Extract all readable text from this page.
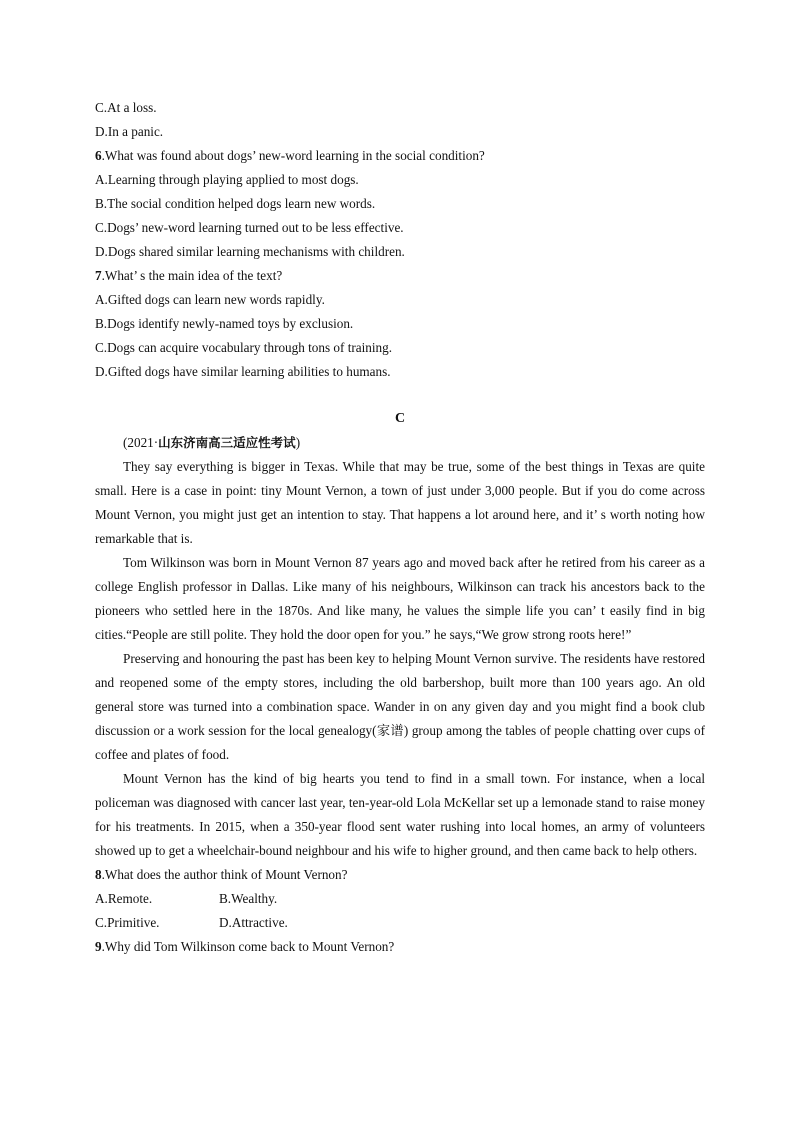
C.At a loss.
D.In a panic.
6.What was found about dogs’ new-word learning in the social condition?
A.Learning through playing applied to most dogs.
B.The social condition helped dogs learn new words.
C.Dogs’ new-word learning turned out to be less effective.
D.Dogs shared similar learning mechanisms with children.
7.What’ s the main idea of the text?
A.Gifted dogs can learn new words rapidly.
B.Dogs identify newly-named toys by exclusion.
C.Dogs can acquire vocabulary through tons of training.
D.Gifted dogs have similar learning abilities to humans.
C
(2021·山东济南高三适应性考试)

They say everything is bigger in Texas. While that may be true, some of the best things in Texas are quite small. Here is a case in point: tiny Mount Vernon, a town of just under 3,000 people. But if you do come across Mount Vernon, you might just get an intention to stay. That happens a lot around here, and it’ s worth noting how remarkable that is.

Tom Wilkinson was born in Mount Vernon 87 years ago and moved back after he retired from his career as a college English professor in Dallas. Like many of his neighbours, Wilkinson can track his ancestors back to the pioneers who settled here in the 1870s. And like many, he values the simple life you can’ t easily find in big cities.“People are still polite. They hold the door open for you.” he says,“We grow strong roots here!”

Preserving and honouring the past has been key to helping Mount Vernon survive. The residents have restored and reopened some of the empty stores, including the old barbershop, built more than 100 years ago. An old general store was turned into a combination space. Wander in on any given day and you might find a book club discussion or a work session for the local genealogy(家谱) group among the tables of people chatting over cups of coffee and plates of food.

Mount Vernon has the kind of big hearts you tend to find in a small town. For instance, when a local policeman was diagnosed with cancer last year, ten-year-old Lola McKellar set up a lemonade stand to raise money for his treatments. In 2015, when a 350-year flood sent water rushing into local homes, an army of volunteers showed up to get a wheelchair-bound neighbour and his wife to higher ground, and then came back to help others.

8.What does the author think of Mount Vernon?
A.Remote.	B.Wealthy.
C.Primitive.	D.Attractive.
9.Why did Tom Wilkinson come back to Mount Vernon?
